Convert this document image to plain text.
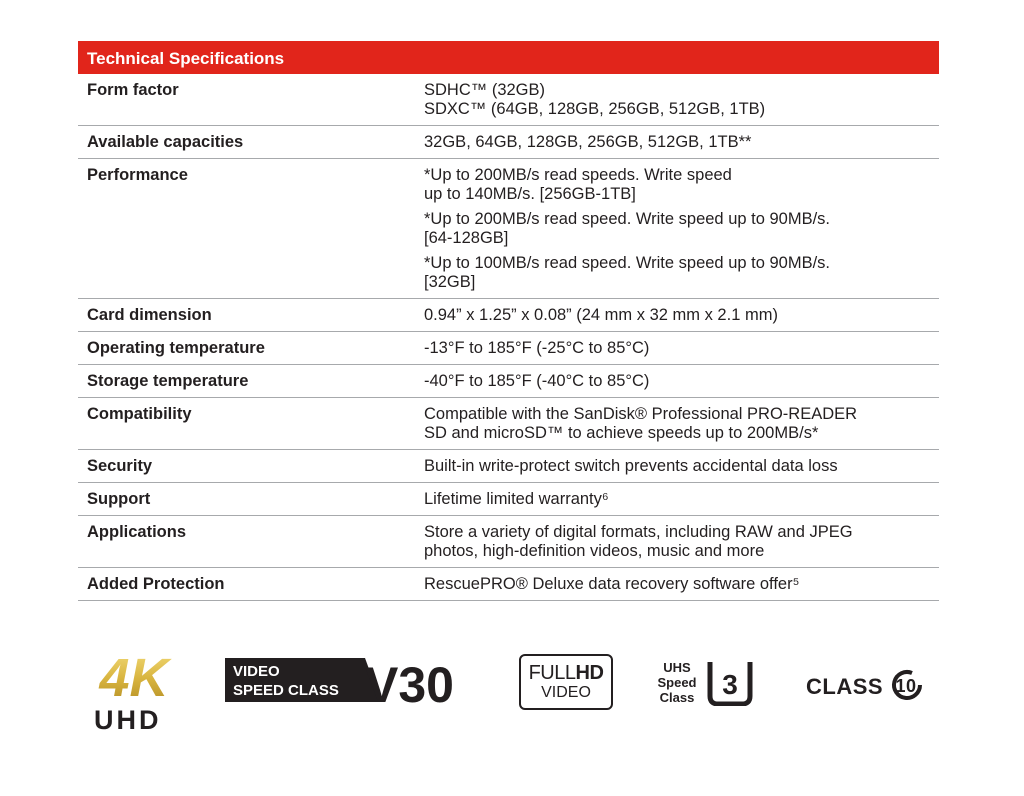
Technical Specifications
Form factor	SDHC™ (32GB)
SDXC™ (64GB, 128GB, 256GB, 512GB, 1TB)
Available capacities	32GB, 64GB, 128GB, 256GB, 512GB, 1TB**
Performance	*Up to 200MB/s read speeds. Write speed
up to 140MB/s. [256GB-1TB]
*Up to 200MB/s read speed. Write speed up to 90MB/s.
[64-128GB]
*Up to 100MB/s read speed. Write speed up to 90MB/s.
[32GB]
Card dimension	0.94” x 1.25” x 0.08” (24 mm x 32 mm x 2.1 mm)
Operating temperature	-13°F to 185°F (-25°C to 85°C)
Storage temperature	-40°F to 185°F (-40°C to 85°C)
Compatibility	Compatible with the SanDisk® Professional PRO-READER
SD and microSD™ to achieve speeds up to 200MB/s*
Security	Built-in write-protect switch prevents accidental data loss
Support	Lifetime limited warranty⁶
Applications	Store a variety of digital formats, including RAW and JPEG
photos, high-definition videos, music and more
Added Protection	RescuePRO® Deluxe data recovery software offer⁵
4K
UHD
VIDEO
SPEED CLASS V30	FULLHD
VIDEO
UHS
Speed
Class 3	CLASS 10
